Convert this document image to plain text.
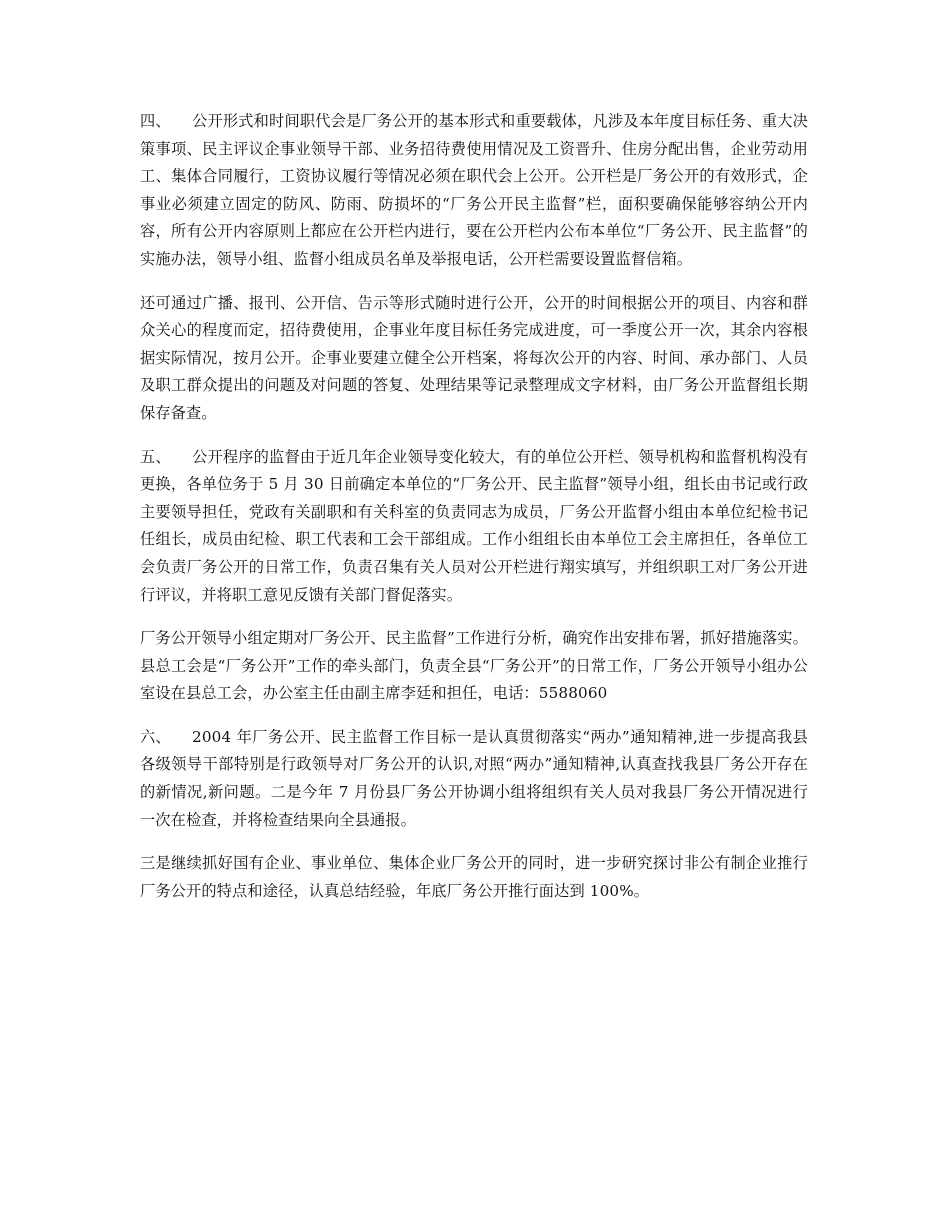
四、 公开形式和时间职代会是厂务公开的基本形式和重要载体，凡涉及本年度目标任务、重大决策事项、民主评议企事业领导干部、业务招待费使用情况及工资晋升、住房分配出售，企业劳动用工、集体合同履行，工资协议履行等情况必须在职代会上公开。公开栏是厂务公开的有效形式，企事业必须建立固定的防风、防雨、防损坏的“厂务公开民主监督”栏，面积要确保能够容纳公开内容，所有公开内容原则上都应在公开栏内进行，要在公开栏内公布本单位“厂务公开、民主监督”的实施办法，领导小组、监督小组成员名单及举报电话，公开栏需要设置监督信箱。

还可通过广播、报刊、公开信、告示等形式随时进行公开，公开的时间根据公开的项目、内容和群众关心的程度而定，招待费使用，企事业年度目标任务完成进度，可一季度公开一次，其余内容根据实际情况，按月公开。企事业要建立健全公开档案，将每次公开的内容、时间、承办部门、人员及职工群众提出的问题及对问题的答复、处理结果等记录整理成文字材料，由厂务公开监督组长期保存备查。

五、 公开程序的监督由于近几年企业领导变化较大，有的单位公开栏、领导机构和监督机构没有更换，各单位务于 5 月 30 日前确定本单位的“厂务公开、民主监督”领导小组，组长由书记或行政主要领导担任，党政有关副职和有关科室的负责同志为成员，厂务公开监督小组由本单位纪检书记任组长，成员由纪检、职工代表和工会干部组成。工作小组组长由本单位工会主席担任，各单位工会负责厂务公开的日常工作，负责召集有关人员对公开栏进行翔实填写，并组织职工对厂务公开进行评议，并将职工意见反馈有关部门督促落实。

厂务公开领导小组定期对厂务公开、民主监督”工作进行分析，确究作出安排布署，抓好措施落实。县总工会是“厂务公开”工作的牵头部门，负责全县“厂务公开”的日常工作，厂务公开领导小组办公室设在县总工会，办公室主任由副主席李廷和担任，电话：5588060

六、 2004 年厂务公开、民主监督工作目标一是认真贯彻落实“两办”通知精神,进一步提高我县各级领导干部特别是行政领导对厂务公开的认识,对照“两办”通知精神,认真查找我县厂务公开存在的新情况,新问题。二是今年 7 月份县厂务公开协调小组将组织有关人员对我县厂务公开情况进行一次在检查，并将检查结果向全县通报。

三是继续抓好国有企业、事业单位、集体企业厂务公开的同时，进一步研究探讨非公有制企业推行厂务公开的特点和途径，认真总结经验，年底厂务公开推行面达到 100%。
